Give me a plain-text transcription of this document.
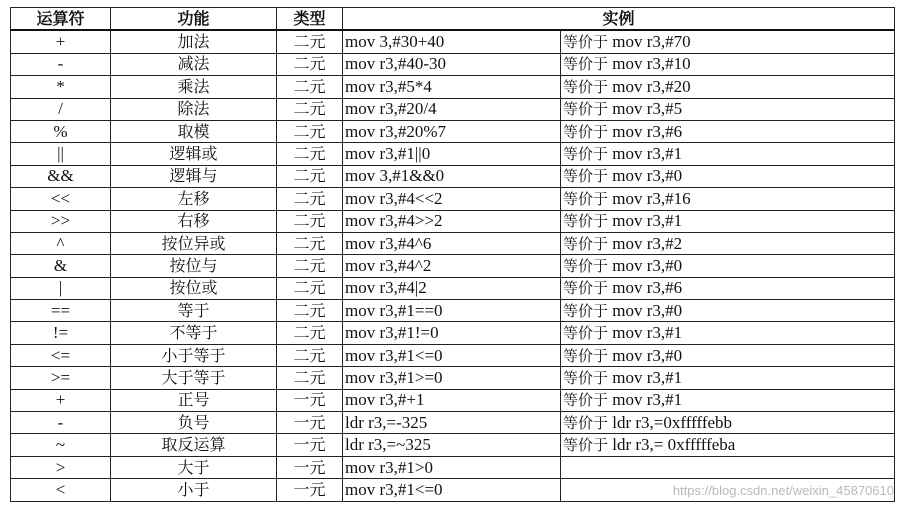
运算符	功能	类型	实例	
+	加法	二元	mov 3,#30+40	等价于 mov r3,#70
-	减法	二元	mov r3,#40-30	等价于 mov r3,#10
*	乘法	二元	mov r3,#5*4	等价于 mov r3,#20
/	除法	二元	mov r3,#20/4	等价于 mov r3,#5
%	取模	二元	mov r3,#20%7	等价于 mov r3,#6
||	逻辑或	二元	mov r3,#1||0	等价于 mov r3,#1
&&	逻辑与	二元	mov 3,#1&&0	等价于 mov r3,#0
<<	左移	二元	mov r3,#4<<2	等价于 mov r3,#16
>>	右移	二元	mov r3,#4>>2	等价于 mov r3,#1
^	按位异或	二元	mov r3,#4^6	等价于 mov r3,#2
&	按位与	二元	mov r3,#4^2	等价于 mov r3,#0
|	按位或	二元	mov r3,#4|2	等价于 mov r3,#6
==	等于	二元	mov r3,#1==0	等价于 mov r3,#0
!=	不等于	二元	mov r3,#1!=0	等价于 mov r3,#1
<=	小于等于	二元	mov r3,#1<=0	等价于 mov r3,#0
>=	大于等于	二元	mov r3,#1>=0	等价于 mov r3,#1
+	正号	一元	mov r3,#+1	等价于 mov r3,#1
-	负号	一元	ldr r3,=-325	等价于 ldr r3,=0xfffffebb
~	取反运算	一元	ldr r3,=~325	等价于 ldr r3,= 0xfffffeba
>	大于	一元	mov r3,#1>0	
<	小于	一元	mov r3,#1<=0		https://blog.csdn.net/weixin_45870610
